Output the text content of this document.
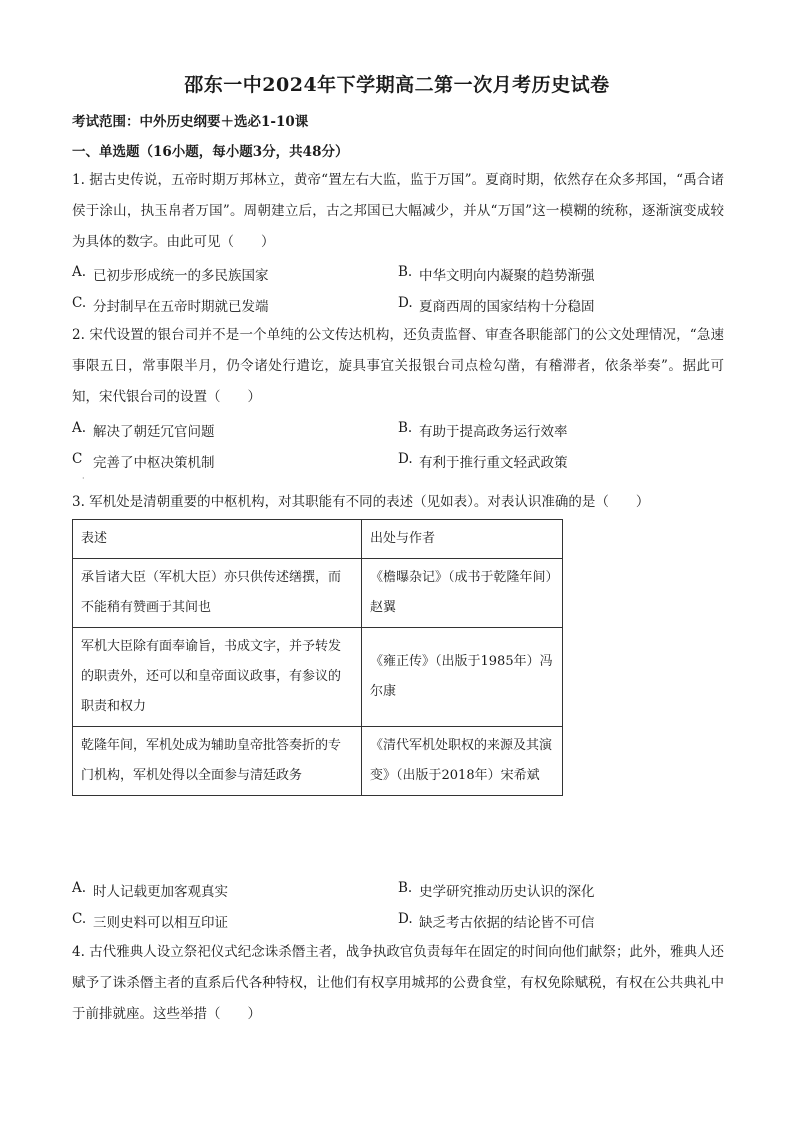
邵东一中2024年下学期高二第一次月考历史试卷
考试范围：中外历史纲要＋选必1-10课
一、单选题（16小题，每小题3分，共48分）
1. 据古史传说，五帝时期万邦林立，黄帝“置左右大监，监于万国”。夏商时期，依然存在众多邦国，“禹合诸侯于涂山，执玉帛者万国”。周朝建立后，古之邦国已大幅减少，并从“万国”这一模糊的统称，逐渐演变成较为具体的数字。由此可见（　　）
A. 已初步形成统一的多民族国家	B. 中华文明向内凝聚的趋势渐强
C. 分封制早在五帝时期就已发端	D. 夏商西周的国家结构十分稳固
2. 宋代设置的银台司并不是一个单纯的公文传达机构，还负责监督、审查各职能部门的公文处理情况，“急速事限五日，常事限半月，仍令诸处行遣讫，旋具事宜关报银台司点检勾凿，有稽滞者，依条举奏”。据此可知，宋代银台司的设置（　　）
A. 解决了朝廷冗官问题	B. 有助于提高政务运行效率
C 完善了中枢决策机制	D. 有利于推行重文轻武政策
·
3. 军机处是清朝重要的中枢机构，对其职能有不同的表述（见如表）。对表认识准确的是（　　）
表述	出处与作者
承旨诸大臣（军机大臣）亦只供传述缮撰，而不能稍有赞画于其间也	《檐曝杂记》（成书于乾隆年间）赵翼
军机大臣除有面奉谕旨，书成文字，并予转发的职责外，还可以和皇帝面议政事，有参议的职责和权力	《雍正传》（出版于1985年）冯尔康
乾隆年间，军机处成为辅助皇帝批答奏折的专门机构，军机处得以全面参与清廷政务	《清代军机处职权的来源及其演变》（出版于2018年）宋希斌
A. 时人记载更加客观真实	B. 史学研究推动历史认识的深化
C. 三则史料可以相互印证	D. 缺乏考古依据的结论皆不可信
4. 古代雅典人设立祭祀仪式纪念诛杀僭主者，战争执政官负责每年在固定的时间向他们献祭；此外，雅典人还赋予了诛杀僭主者的直系后代各种特权，让他们有权享用城邦的公费食堂，有权免除赋税，有权在公共典礼中于前排就座。这些举措（　　）
